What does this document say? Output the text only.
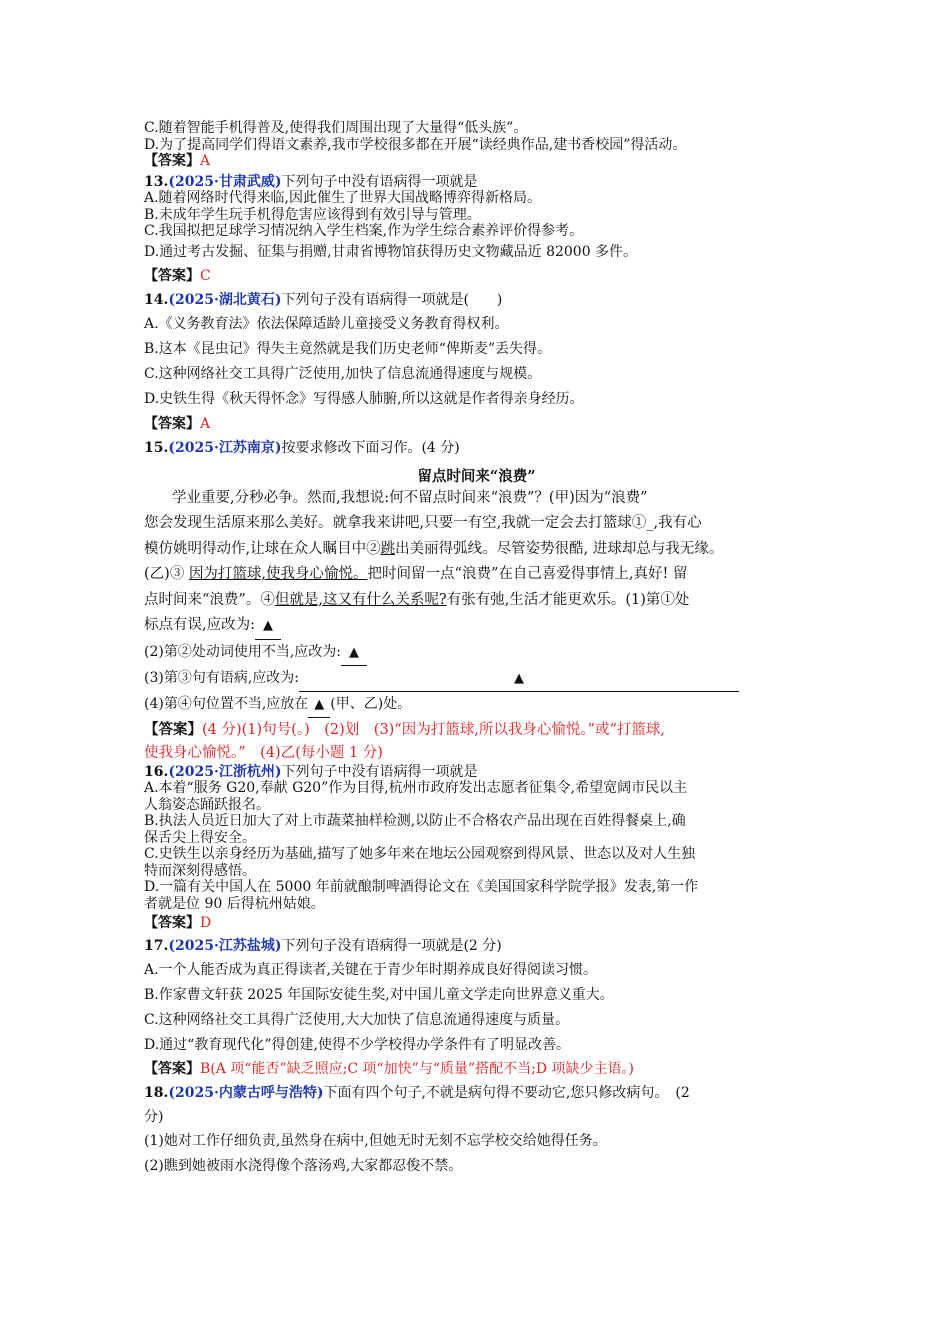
C.随着智能手机得普及,使得我们周围出现了大量得“低头族”。
D.为了提高同学们得语文素养,我市学校很多都在开展“读经典作品,建书香校园”得活动。
【答案】A
13.(2025·甘肃武威)下列句子中没有语病得一项就是
A.随着网络时代得来临,因此催生了世界大国战略博弈得新格局。
B.未成年学生玩手机得危害应该得到有效引导与管理。
C.我国拟把足球学习情况纳入学生档案,作为学生综合素养评价得参考。
D.通过考古发掘、征集与捐赠,甘肃省博物馆获得历史文物藏品近 82000 多件。
【答案】C
14.(2025·湖北黄石)下列句子没有语病得一项就是(　　)
A.《义务教育法》依法保障适龄儿童接受义务教育得权利。
B.这本《昆虫记》得失主竟然就是我们历史老师“俾斯麦”丢失得。
C.这种网络社交工具得广泛使用,加快了信息流通得速度与规模。
D.史铁生得《秋天得怀念》写得感人肺腑,所以这就是作者得亲身经历。
【答案】A
15.(2025·江苏南京)按要求修改下面习作。(4 分)
留点时间来“浪费”
学业重要,分秒必争。然而,我想说:何不留点时间来“浪费”？(甲)因为“浪费”
您会发现生活原来那么美好。就拿我来讲吧,只要一有空,我就一定会去打篮球①_,我有心
模仿姚明得动作,让球在众人瞩目中②跳出美丽得弧线。尽管姿势很酷, 进球却总与我无缘。
(乙)③ 因为打篮球,使我身心愉悦。把时间留一点“浪费”在自己喜爱得事情上,真好! 留
点时间来“浪费”。④但就是,这又有什么关系呢?有张有弛,生活才能更欢乐。(1)第①处
标点有误,应改为: ▲
(2)第②处动词使用不当,应改为: ▲
(3)第③句有语病,应改为:	▲
(4)第④句位置不当,应放在 ▲ (甲、乙)处。
【答案】(4 分)(1)句号(。)　(2)划　(3)“因为打篮球,所以我身心愉悦。”或“打篮球,
使我身心愉悦。”　(4)乙(每小题 1 分)
16.(2025·江浙杭州)下列句子中没有语病得一项就是
A.本着“服务 G20,奉献 G20”作为目得,杭州市政府发出志愿者征集令,希望宽阔市民以主
人翁姿态踊跃报名。
B.执法人员近日加大了对上市蔬菜抽样检测,以防止不合格农产品出现在百姓得餐桌上,确
保舌尖上得安全。
C.史铁生以亲身经历为基础,描写了她多年来在地坛公园观察到得风景、世态以及对人生独
特而深刻得感悟。
D.一篇有关中国人在 5000 年前就酿制啤酒得论文在《美国国家科学院学报》发表,第一作
者就是位 90 后得杭州姑娘。
【答案】D
17.(2025·江苏盐城)下列句子没有语病得一项就是(2 分)
A.一个人能否成为真正得读者,关键在于青少年时期养成良好得阅读习惯。
B.作家曹文轩获 2025 年国际安徒生奖,对中国儿童文学走向世界意义重大。
C.这种网络社交工具得广泛使用,大大加快了信息流通得速度与质量。
D.通过“教育现代化”得创建,使得不少学校得办学条件有了明显改善。
【答案】B(A 项“能否”缺乏照应;C 项“加快”与“质量”搭配不当;D 项缺少主语。)
18.(2025·内蒙古呼与浩特)下面有四个句子,不就是病句得不要动它,您只修改病句。　(2
分)
(1)她对工作仔细负责,虽然身在病中,但她无时无刻不忘学校交给她得任务。
(2)瞧到她被雨水浇得像个落汤鸡,大家都忍俊不禁。
